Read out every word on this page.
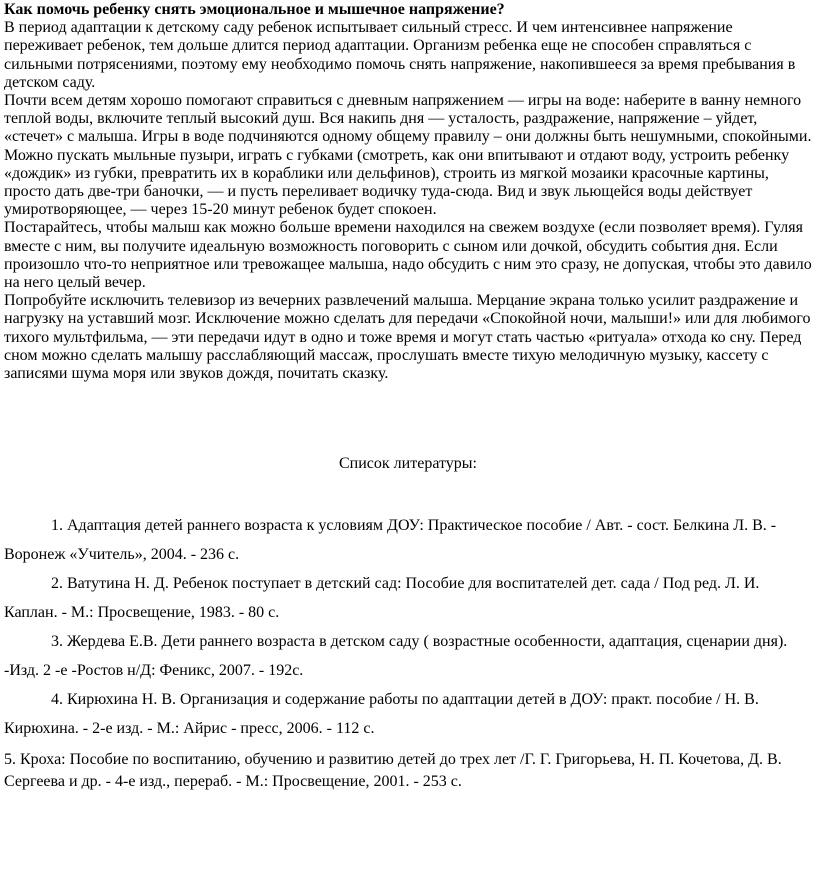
Как помочь ребенку снять эмоциональное и мышечное напряжение?

В период адаптации к детскому саду ребенок испытывает сильный стресс. И чем интенсивнее напряжение переживает ребенок, тем дольше длится период адаптации. Организм ребенка еще не способен справляться с сильными потрясениями, поэтому ему необходимо помочь снять напряжение, накопившееся за время пребывания в детском саду.

Почти всем детям хорошо помогают справиться с дневным напряжением — игры на воде: наберите в ванну немного теплой воды, включите теплый высокий душ. Вся накипь дня — усталость, раздражение, напряжение – уйдет, «стечет» с малыша. Игры в воде подчиняются одному общему правилу – они должны быть нешумными, спокойными.

Можно пускать мыльные пузыри, играть с губками (смотреть, как они впитывают и отдают воду, устроить ребенку «дождик» из губки, превратить их в кораблики или дельфинов), строить из мягкой мозаики красочные картины, просто дать две-три баночки, — и пусть переливает водичку туда-сюда. Вид и звук льющейся воды действует умиротворяющее, — через 15-20 минут ребенок будет спокоен.

Постарайтесь, чтобы малыш как можно больше времени находился на свежем воздухе (если позволяет время). Гуляя вместе с ним, вы получите идеальную возможность поговорить с сыном или дочкой, обсудить события дня. Если произошло что-то неприятное или тревожащее малыша, надо обсудить с ним это сразу, не допуская, чтобы это давило на него целый вечер.

Попробуйте исключить телевизор из вечерних развлечений малыша. Мерцание экрана только усилит раздражение и нагрузку на уставший мозг. Исключение можно сделать для передачи «Спокойной ночи, малыши!» или для любимого тихого мультфильма, — эти передачи идут в одно и тоже время и могут стать частью «ритуала» отхода ко сну. Перед сном можно сделать малышу расслабляющий массаж, прослушать вместе тихую мелодичную музыку, кассету с записями шума моря или звуков дождя, почитать сказку.

Список литературы:

1. Адаптация детей раннего возраста к условиям ДОУ: Практическое пособие / Авт. - сост. Белкина Л. В. - Воронеж «Учитель», 2004. - 236 с.

2. Ватутина Н. Д. Ребенок поступает в детский сад: Пособие для воспитателей дет. сада / Под ред. Л. И. Каплан. - М.: Просвещение, 1983. - 80 с.

3. Жердева Е.В. Дети раннего возраста в детском саду ( возрастные особенности, адаптация, сценарии дня). -Изд. 2 -е -Ростов н/Д: Феникс, 2007. - 192с.

4. Кирюхина Н. В. Организация и содержание работы по адаптации детей в ДОУ: практ. пособие / Н. В. Кирюхина. - 2-е изд. - М.: Айрис - пресс, 2006. - 112 с.

5. Кроха: Пособие по воспитанию, обучению и развитию детей до трех лет /Г. Г. Григорьева, Н. П. Кочетова, Д. В. Сергеева и др. - 4-е изд., перераб. - М.: Просвещение, 2001. - 253 с.
